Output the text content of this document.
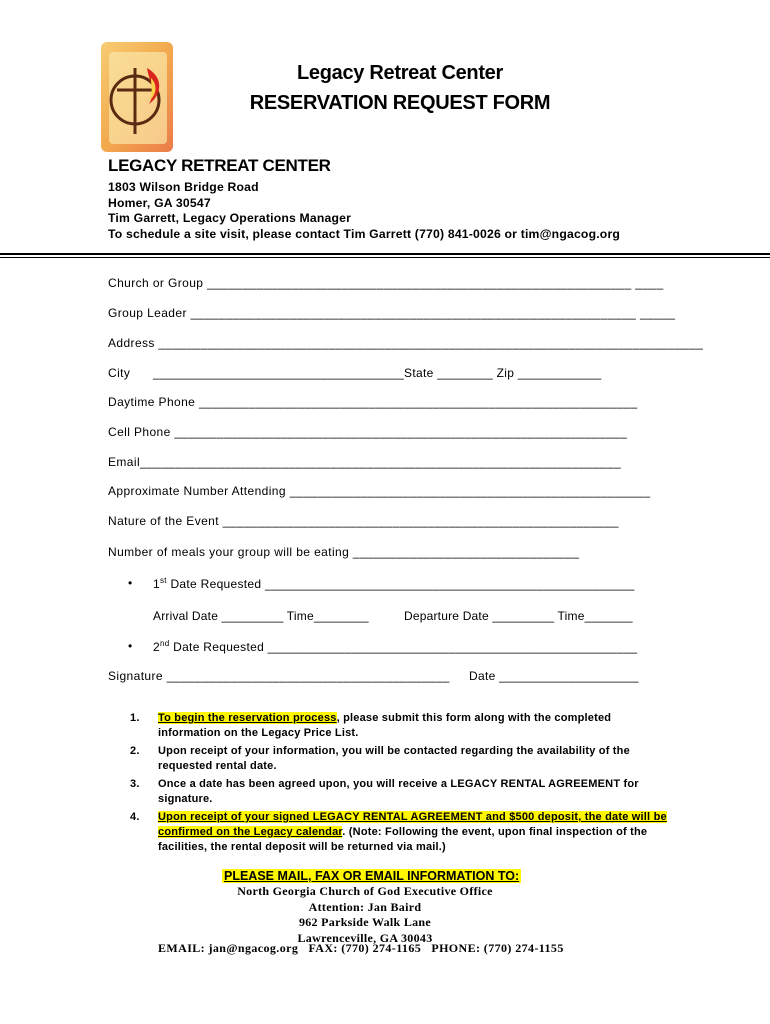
Legacy Retreat Center
RESERVATION REQUEST FORM
LEGACY RETREAT CENTER
1803 Wilson Bridge Road
Homer, GA 30547
Tim Garrett, Legacy Operations Manager
To schedule a site visit, please contact Tim Garrett (770) 841-0026 or tim@ngacog.org
Church or Group ____________________________________________________________ ____
Group Leader _______________________________________________________________ _____
Address _____________________________________________________________________________
City ____________________________________State ________ Zip ____________
Daytime Phone ______________________________________________________________
Cell Phone ________________________________________________________________
Email____________________________________________________________________
Approximate Number Attending ___________________________________________________
Nature of the Event ________________________________________________________
Number of meals your group will be eating ________________________________
• 1st Date Requested _____________________________________________________
Arrival Date _________ Time________	Departure Date _________ Time_______
• 2nd Date Requested _____________________________________________________
Signature ________________________________________ Date ____________________
1.	To begin the reservation process, please submit this form along with the completed information on the Legacy Price List.
2.	Upon receipt of your information, you will be contacted regarding the availability of the requested rental date.
3.	Once a date has been agreed upon, you will receive a LEGACY RENTAL AGREEMENT for signature.
4.	Upon receipt of your signed LEGACY RENTAL AGREEMENT and $500 deposit, the date will be confirmed on the Legacy calendar. (Note: Following the event, upon final inspection of the facilities, the rental deposit will be returned via mail.)
PLEASE MAIL, FAX OR EMAIL INFORMATION TO:
North Georgia Church of God Executive Office
Attention: Jan Baird
962 Parkside Walk Lane
Lawrenceville, GA 30043
EMAIL: jan@ngacog.org FAX: (770) 274-1165 PHONE: (770) 274-1155
